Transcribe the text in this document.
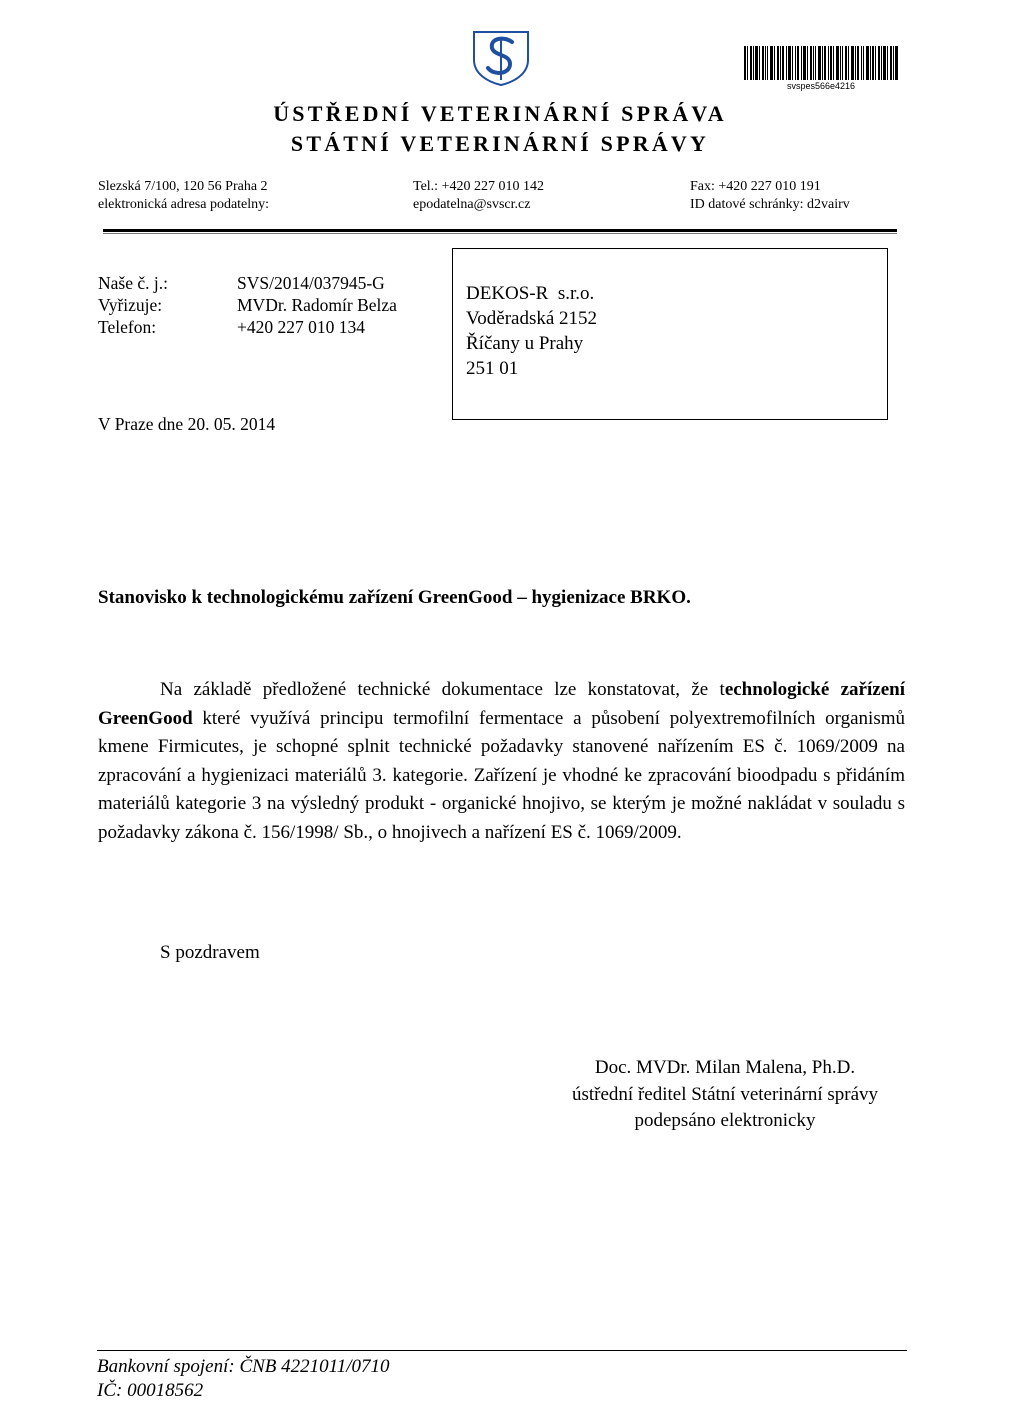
svspes566e4216
ÚSTŘEDNÍ VETERINÁRNÍ SPRÁVA
STÁTNÍ VETERINÁRNÍ SPRÁVY
Slezská 7/100, 120 56 Praha 2
elektronická adresa podatelny:
Tel.: +420 227 010 142
epodatelna@svscr.cz
Fax: +420 227 010 191
ID datové schránky: d2vairv
Naše č. j.:
Vyřizuje:
Telefon:
SVS/2014/037945-G
MVDr. Radomír Belza
+420 227 010 134
DEKOS-R  s.r.o.
Voděradská 2152
Říčany u Prahy
251 01
V Praze dne 20. 05. 2014
Stanovisko k technologickému zařízení GreenGood – hygienizace BRKO.
Na základě předložené technické dokumentace lze konstatovat, že technologické zařízení GreenGood které využívá principu termofilní fermentace a působení polyextremofilních organismů kmene Firmicutes, je schopné splnit technické požadavky stanovené nařízením ES č. 1069/2009 na zpracování a hygienizaci materiálů 3. kategorie. Zařízení je vhodné ke zpracování bioodpadu s přidáním materiálů kategorie 3 na výsledný produkt - organické hnojivo, se kterým je možné nakládat v souladu s požadavky zákona č. 156/1998/ Sb., o hnojivech a nařízení ES č. 1069/2009.
S pozdravem
Doc. MVDr. Milan Malena, Ph.D.
ústřední ředitel Státní veterinární správy
podepsáno elektronicky
Bankovní spojení: ČNB 4221011/0710
IČ: 00018562
